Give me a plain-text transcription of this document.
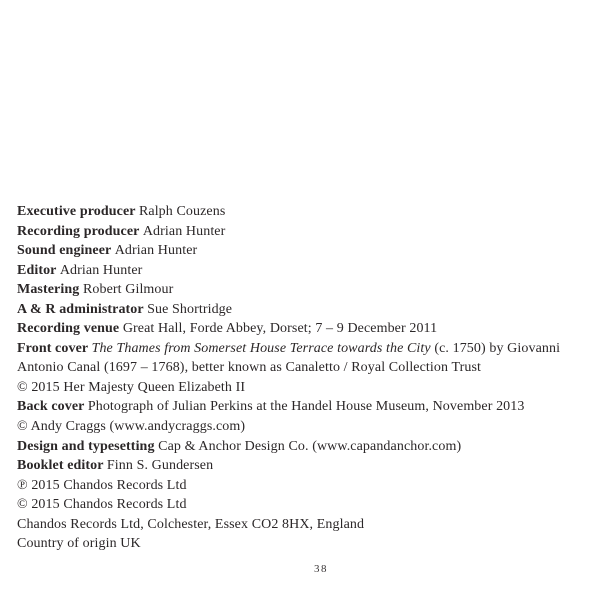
Executive producer Ralph Couzens
Recording producer Adrian Hunter
Sound engineer Adrian Hunter
Editor Adrian Hunter
Mastering Robert Gilmour
A & R administrator Sue Shortridge
Recording venue Great Hall, Forde Abbey, Dorset; 7 – 9 December 2011
Front cover The Thames from Somerset House Terrace towards the City (c. 1750) by Giovanni
Antonio Canal (1697 – 1768), better known as Canaletto / Royal Collection Trust
© 2015 Her Majesty Queen Elizabeth II
Back cover Photograph of Julian Perkins at the Handel House Museum, November 2013
© Andy Craggs (www.andycraggs.com)
Design and typesetting Cap & Anchor Design Co. (www.capandanchor.com)
Booklet editor Finn S. Gundersen
℗ 2015 Chandos Records Ltd
© 2015 Chandos Records Ltd
Chandos Records Ltd, Colchester, Essex CO2 8HX, England
Country of origin UK
38
